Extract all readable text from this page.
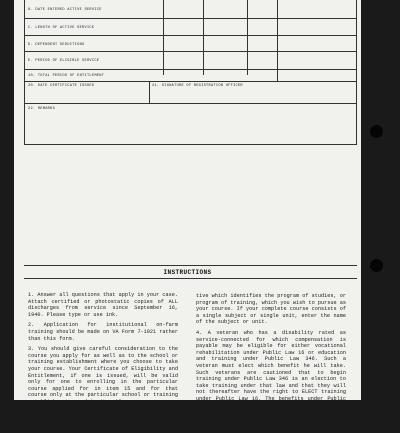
8. DATE ENTERED ACTIVE SERVICE
C. LENGTH OF ACTIVE SERVICE
D. DEPENDENT DEDUCTIONS
E. PERIOD OF ELIGIBLE SERVICE
10. TOTAL PERIOD OF ENTITLEMENT
20. DATE CERTIFICATE ISSUED	21. SIGNATURE OF REGISTRATION OFFICER
22. REMARKS
INSTRUCTIONS

1. Answer all questions that apply in your case. Attach certified or photostatic copies of ALL discharges from service since September 16, 1940. Please type or use ink.

2. Application for institutional on-farm training should be made on VA Form 7-1921 rather than this form.

3. You should give careful consideration to the course you apply for as well as to the school or training establishment where you choose to take your course. Your Certificate of Eligibility and Entitlement, if one is issued, will be valid only for one to enrolling in the particular course applied for in item 15 and for that course only at the particular school or training establishment named in item 16.

In item 15, "Name of Course", indicate the specific

tive which identifies the program of studies, or program of training, which you wish to pursue as your course. If your complete course consists of a single subject or single unit, enter the name of the subject or unit.

4. A veteran who has a disability rated as service-connected for which compensation is payable may be eligible for either vocational rehabilitation under Public Law 16 or education and training under Public Law 346. Such a veteran must elect which benefit he will take. Such veterans are cautioned that to begin training under Public Law 346 is an election to take training under that law and that they will not thereafter have the right to ELECT training under Public Law 16. The benefits under Public Law 16 are generally more advantageous than those under Public Law 346. Application for benefits under Public Law 16 should be made on VA Form 1900.
